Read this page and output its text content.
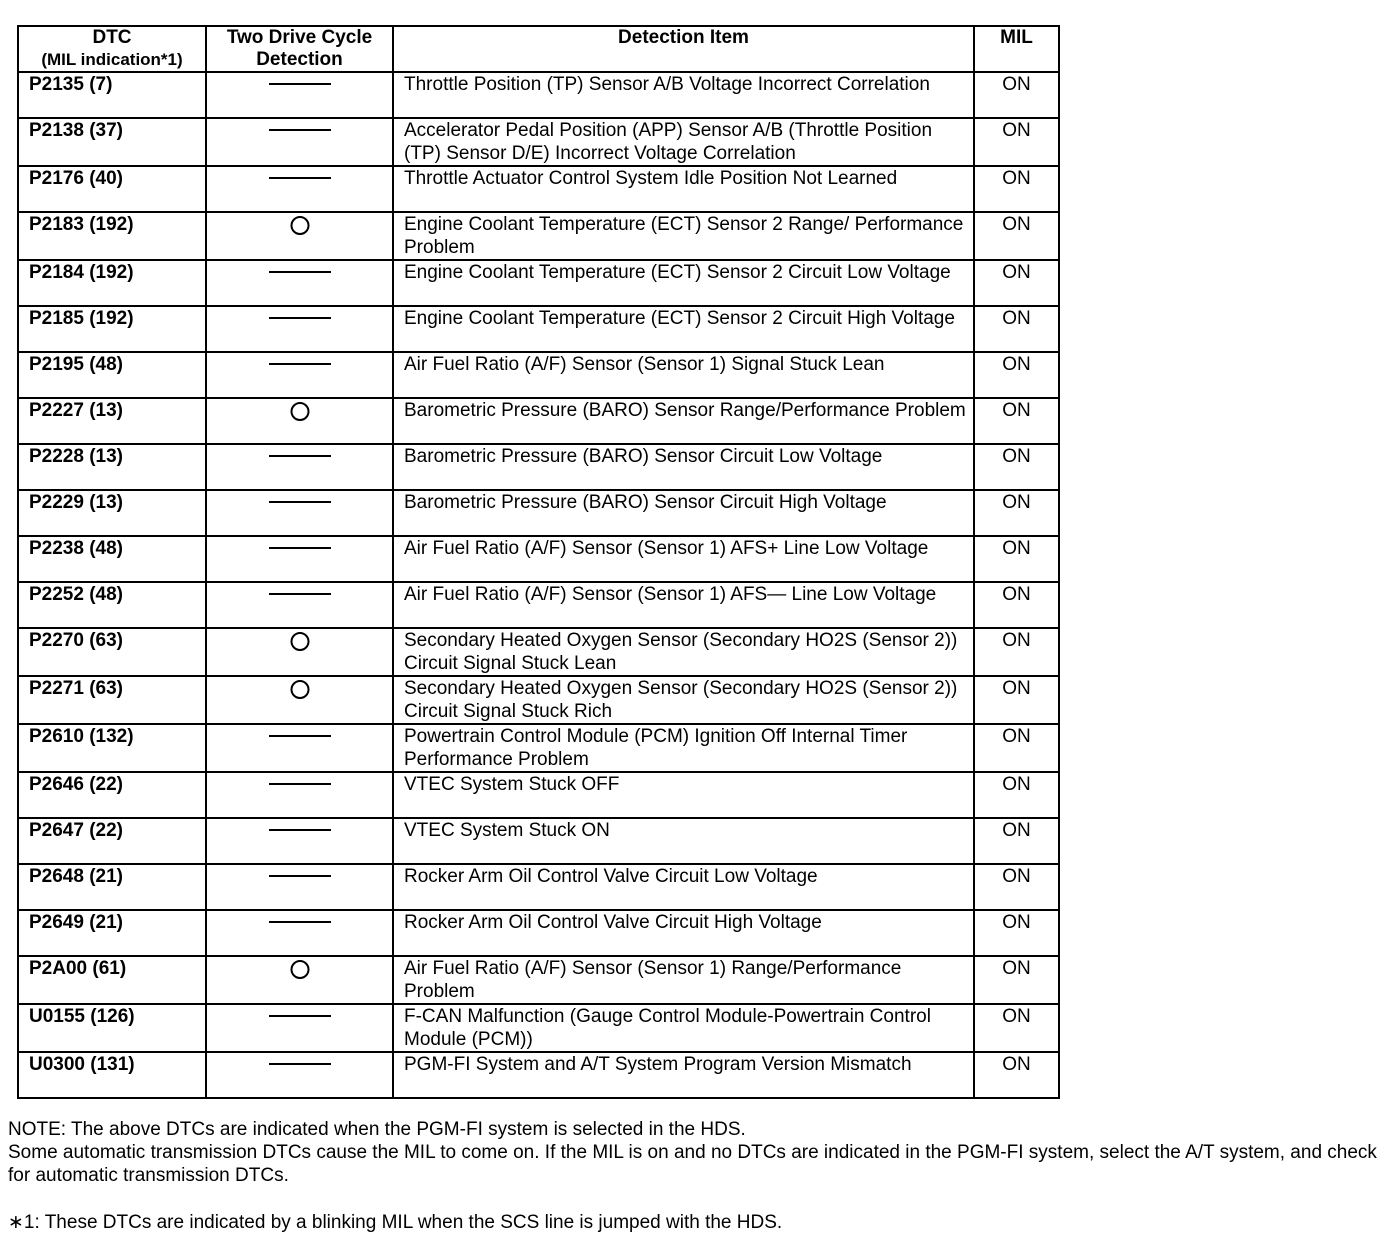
DTC
(MIL indication*1)	Two Drive Cycle Detection	Detection Item	MIL
P2135 (7)		Throttle Position (TP) Sensor A/B Voltage Incorrect Correlation	ON
P2138 (37)		Accelerator Pedal Position (APP) Sensor A/B (Throttle Position (TP) Sensor D/E) Incorrect Voltage Correlation	ON
P2176 (40)		Throttle Actuator Control System Idle Position Not Learned	ON
P2183 (192)		Engine Coolant Temperature (ECT) Sensor 2 Range/ Performance Problem	ON
P2184 (192)		Engine Coolant Temperature (ECT) Sensor 2 Circuit Low Voltage	ON
P2185 (192)		Engine Coolant Temperature (ECT) Sensor 2 Circuit High Voltage	ON
P2195 (48)		Air Fuel Ratio (A/F) Sensor (Sensor 1) Signal Stuck Lean	ON
P2227 (13)		Barometric Pressure (BARO) Sensor Range/Performance Problem	ON
P2228 (13)		Barometric Pressure (BARO) Sensor Circuit Low Voltage	ON
P2229 (13)		Barometric Pressure (BARO) Sensor Circuit High Voltage	ON
P2238 (48)		Air Fuel Ratio (A/F) Sensor (Sensor 1) AFS+ Line Low Voltage	ON
P2252 (48)		Air Fuel Ratio (A/F) Sensor (Sensor 1) AFS— Line Low Voltage	ON
P2270 (63)		Secondary Heated Oxygen Sensor (Secondary HO2S (Sensor 2)) Circuit Signal Stuck Lean	ON
P2271 (63)		Secondary Heated Oxygen Sensor (Secondary HO2S (Sensor 2)) Circuit Signal Stuck Rich	ON
P2610 (132)		Powertrain Control Module (PCM) Ignition Off Internal Timer Performance Problem	ON
P2646 (22)		VTEC System Stuck OFF	ON
P2647 (22)		VTEC System Stuck ON	ON
P2648 (21)		Rocker Arm Oil Control Valve Circuit Low Voltage	ON
P2649 (21)		Rocker Arm Oil Control Valve Circuit High Voltage	ON
P2A00 (61)		Air Fuel Ratio (A/F) Sensor (Sensor 1) Range/Performance Problem	ON
U0155 (126)		F-CAN Malfunction (Gauge Control Module-Powertrain Control Module (PCM))	ON
U0300 (131)		PGM-FI System and A/T System Program Version Mismatch	ON

NOTE: The above DTCs are indicated when the PGM-FI system is selected in the HDS.

Some automatic transmission DTCs cause the MIL to come on. If the MIL is on and no DTCs are indicated in the PGM-FI system, select the A/T system, and check for automatic transmission DTCs.

∗1: These DTCs are indicated by a blinking MIL when the SCS line is jumped with the HDS.
